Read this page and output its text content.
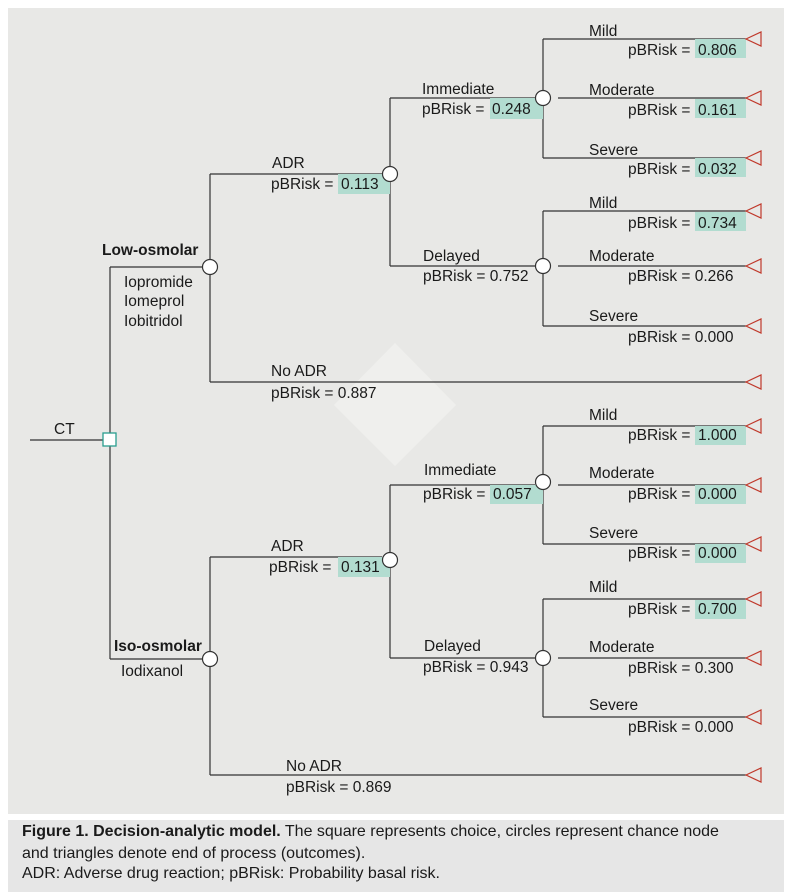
CT
Low-osmolar
Iopromide
Iomeprol
Iobitridol
ADR
pBRisk = 0.113
Immediate
pBRisk = 0.248
Mild
pBRisk = 0.806
Moderate
pBRisk = 0.161
Severe
pBRisk = 0.032
Delayed
pBRisk = 0.752
Mild
pBRisk = 0.734
Moderate
pBRisk = 0.266
Severe
pBRisk = 0.000
No ADR
pBRisk = 0.887
Iso-osmolar
Iodixanol
ADR
pBRisk = 0.131
Immediate
pBRisk = 0.057
Mild
pBRisk = 1.000
Moderate
pBRisk = 0.000
Severe
pBRisk = 0.000
Delayed
pBRisk = 0.943
Mild
pBRisk = 0.700
Moderate
pBRisk = 0.300
Severe
pBRisk = 0.000
No ADR
pBRisk = 0.869
Figure 1. Decision-analytic model. The square represents choice, circles represent chance node
and triangles denote end of process (outcomes).
ADR: Adverse drug reaction; pBRisk: Probability basal risk.
